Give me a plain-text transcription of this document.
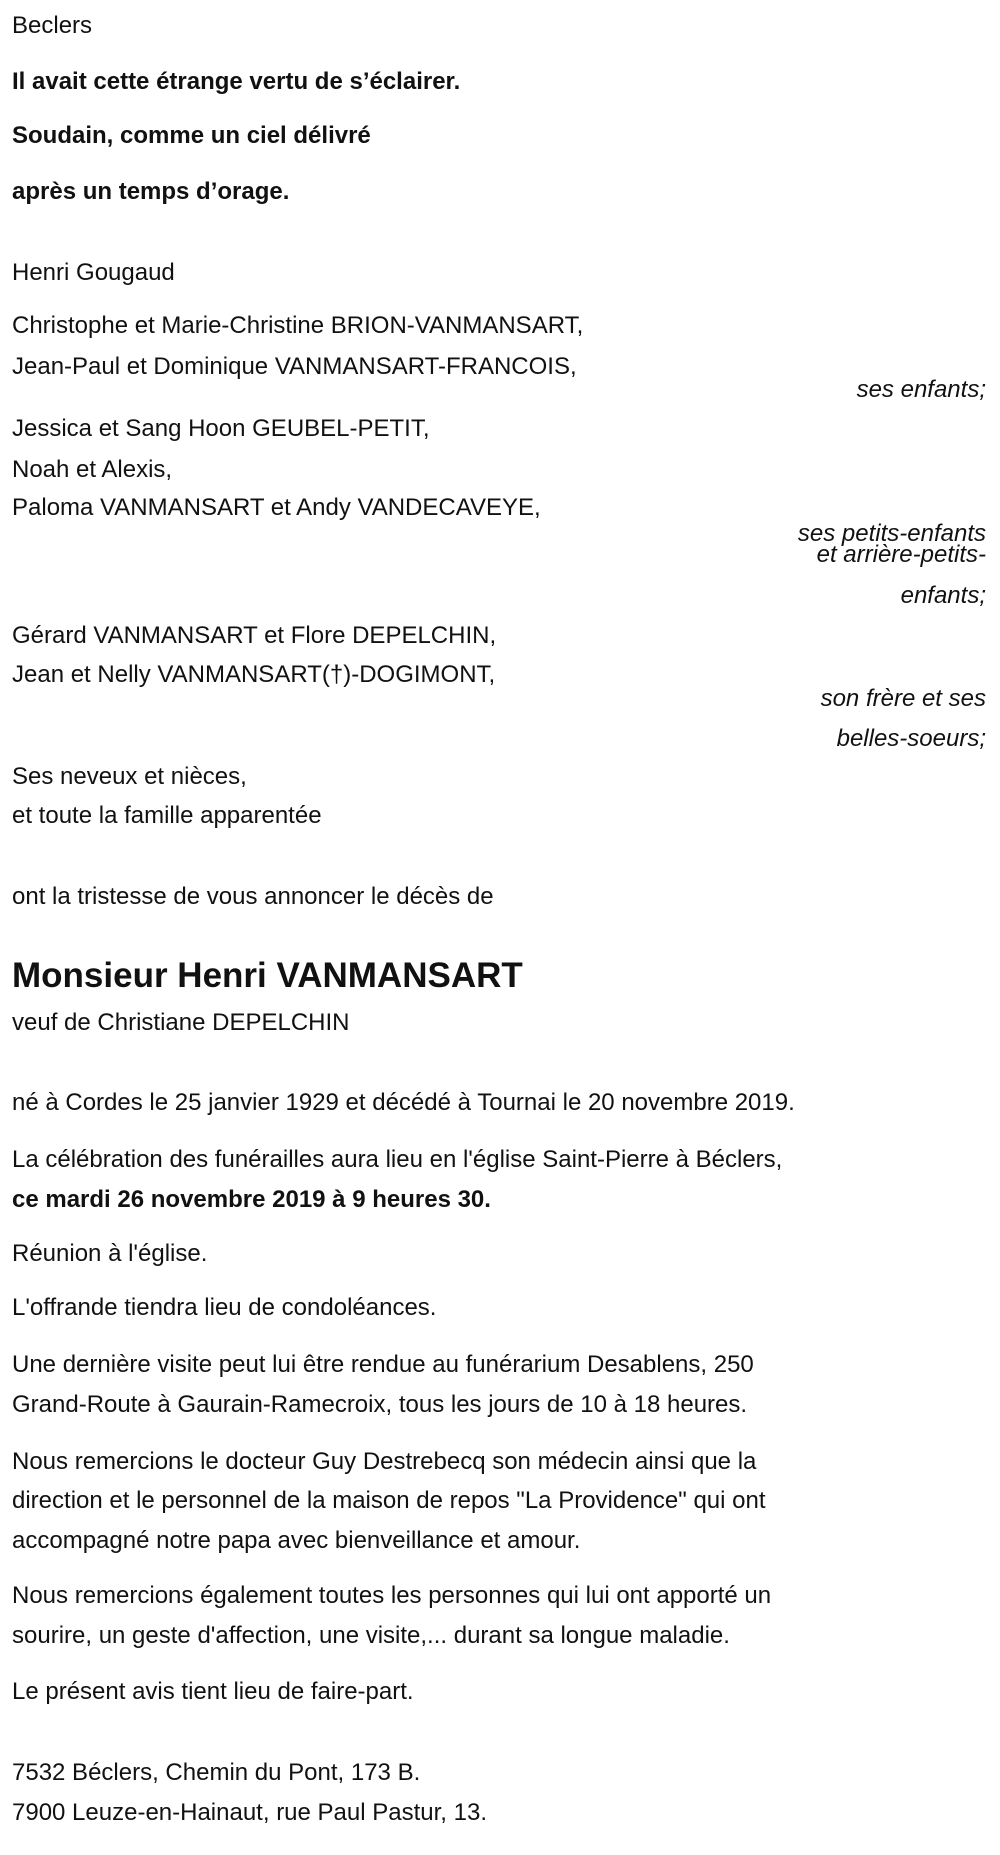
Beclers
Il avait cette étrange vertu de s’éclairer.
Soudain, comme un ciel délivré
après un temps d’orage.
Henri Gougaud
Christophe et Marie-Christine BRION-VANMANSART,
Jean-Paul et Dominique VANMANSART-FRANCOIS,
ses enfants;
Jessica et Sang Hoon GEUBEL-PETIT,
Noah et Alexis,
Paloma VANMANSART et Andy VANDECAVEYE,
ses petits-enfants
et arrière-petits-
enfants;
Gérard VANMANSART et Flore DEPELCHIN,
Jean et Nelly VANMANSART(†)-DOGIMONT,
son frère et ses
belles-soeurs;
Ses neveux et nièces,
et toute la famille apparentée
ont la tristesse de vous annoncer le décès de
Monsieur Henri VANMANSART
veuf de Christiane DEPELCHIN
né à Cordes le 25 janvier 1929 et décédé à Tournai le 20 novembre 2019.
La célébration des funérailles aura lieu en l'église Saint-Pierre à Béclers,
ce mardi 26 novembre 2019 à 9 heures 30.
Réunion à l'église.
L'offrande tiendra lieu de condoléances.
Une dernière visite peut lui être rendue au funérarium Desablens, 250
Grand-Route à Gaurain-Ramecroix, tous les jours de 10 à 18 heures.
Nous remercions le docteur Guy Destrebecq son médecin ainsi que la
direction et le personnel de la maison de repos "La Providence" qui ont
accompagné notre papa avec bienveillance et amour.
Nous remercions également toutes les personnes qui lui ont apporté un
sourire, un geste d'affection, une visite,... durant sa longue maladie.
Le présent avis tient lieu de faire-part.
7532 Béclers, Chemin du Pont, 173 B.
7900 Leuze-en-Hainaut, rue Paul Pastur, 13.
